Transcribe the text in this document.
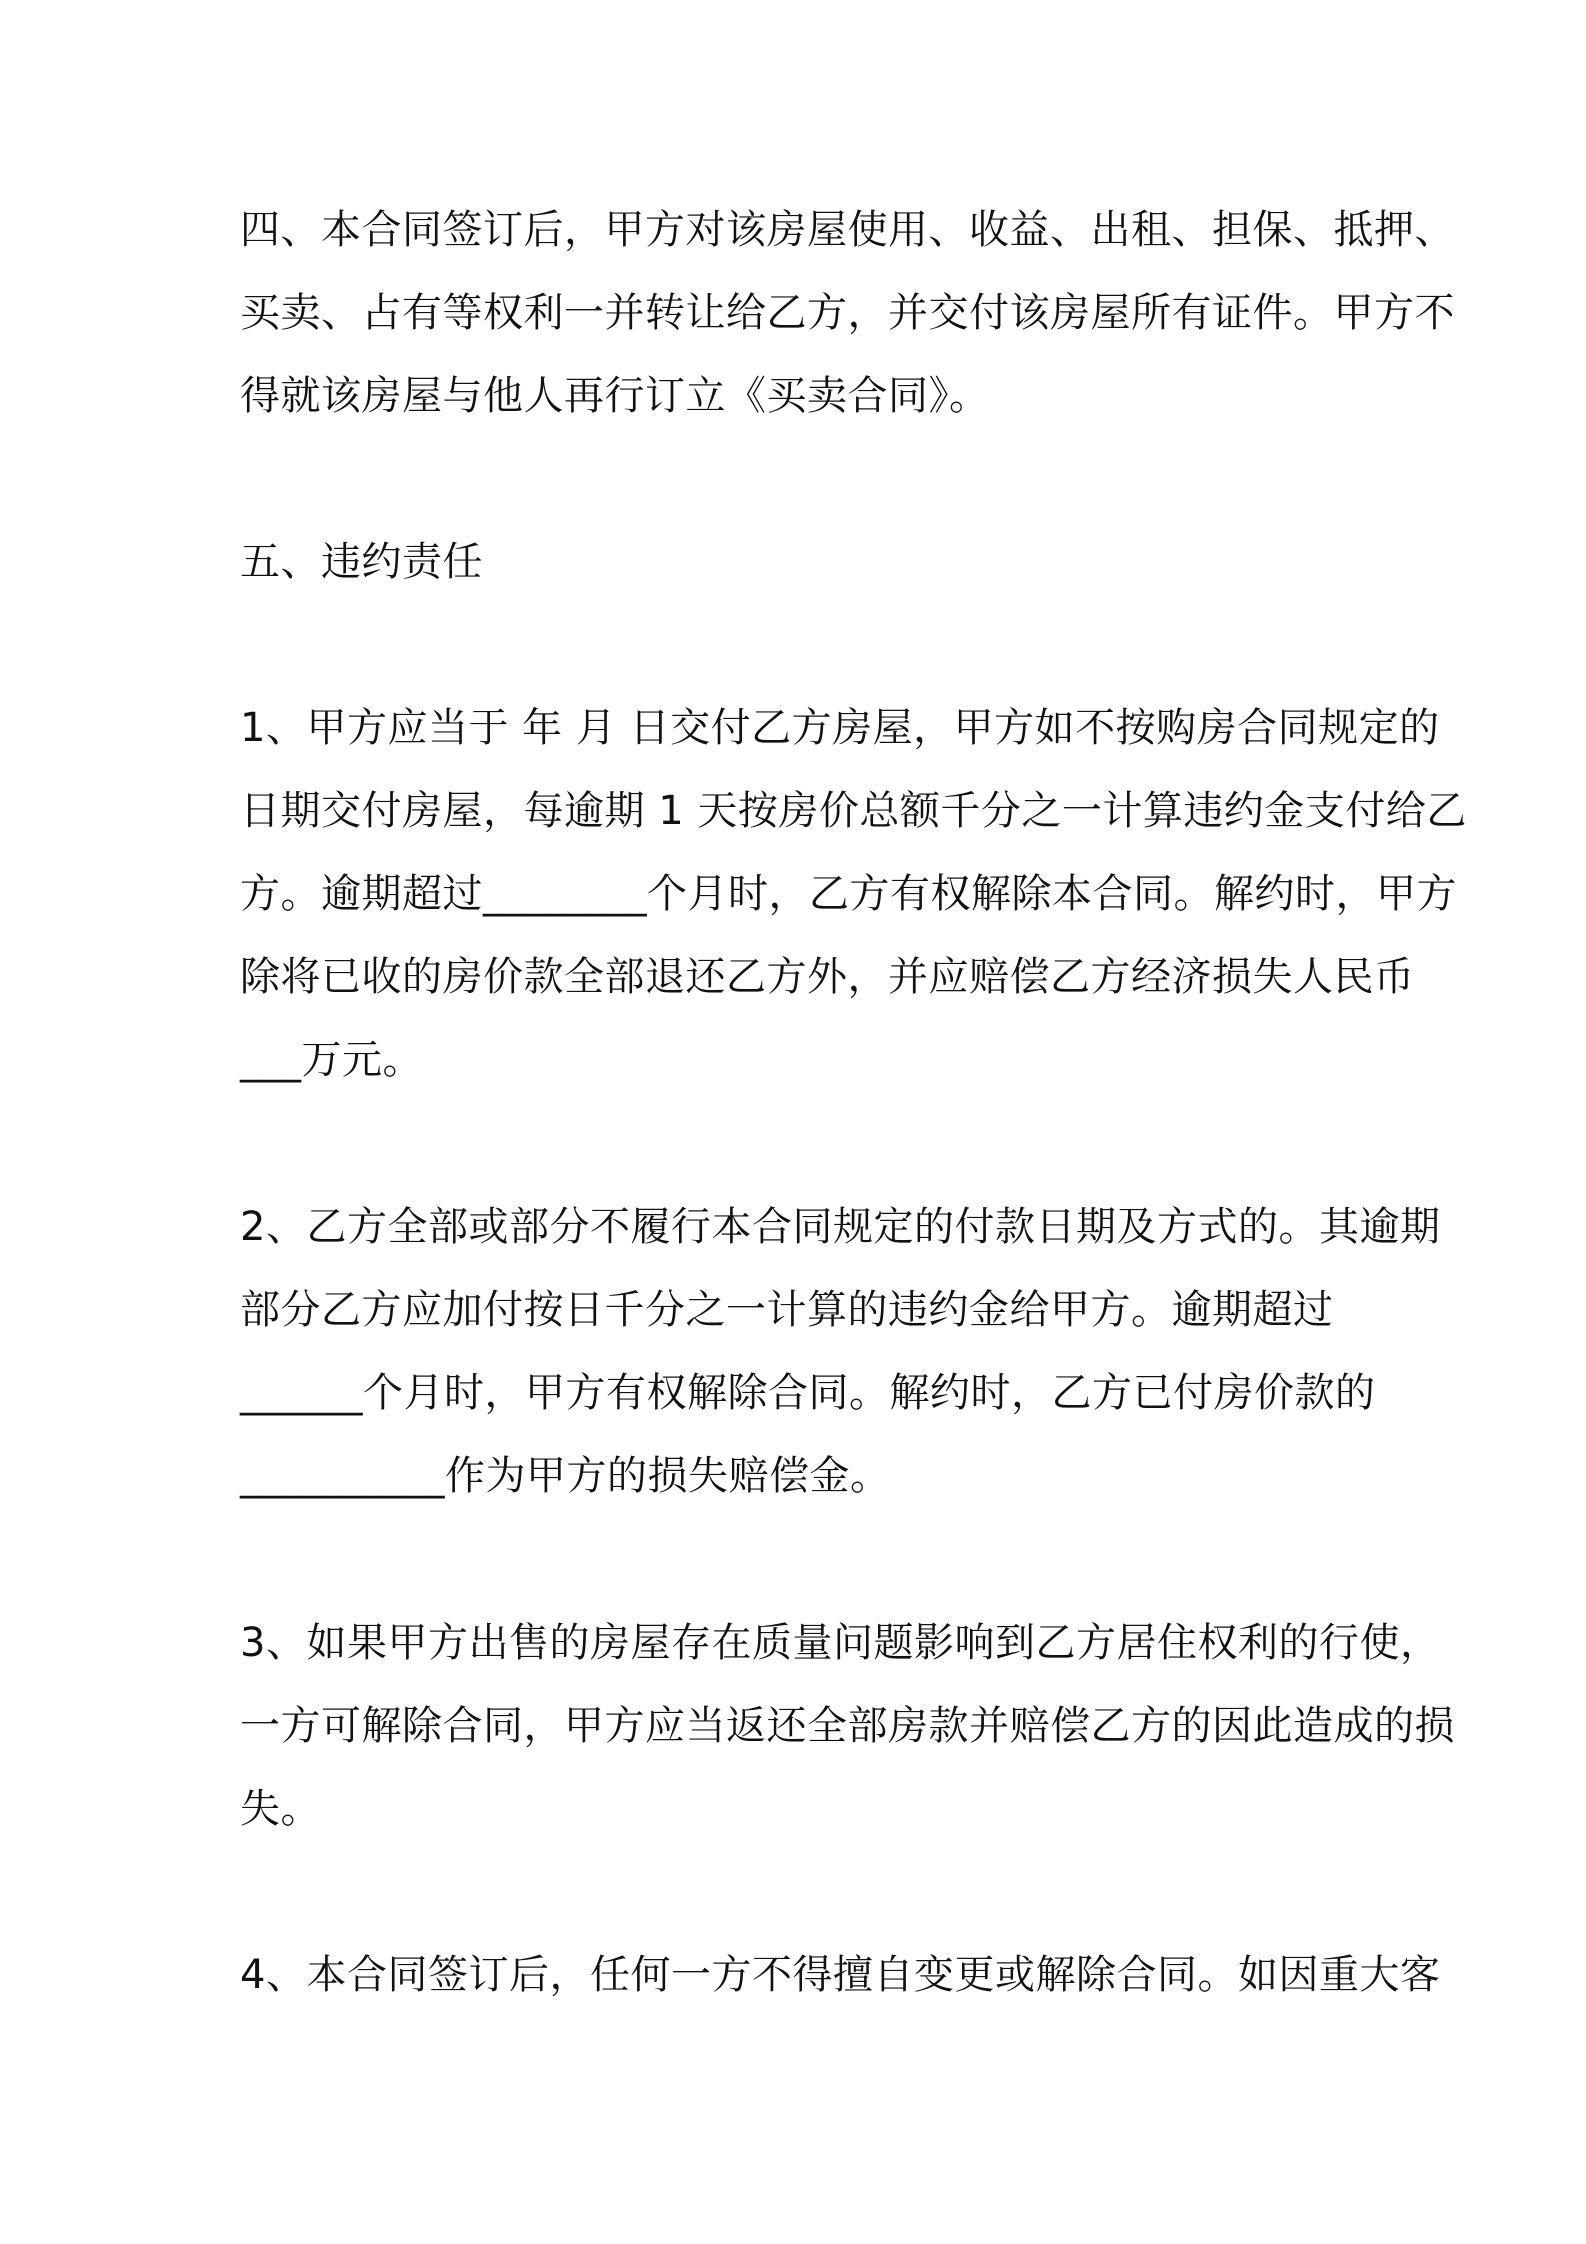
四、本合同签订后，甲方对该房屋使用、收益、出租、担保、抵押、
买卖、占有等权利一并转让给乙方，并交付该房屋所有证件。甲方不
得就该房屋与他人再行订立《买卖合同》。
五、违约责任
1、甲方应当于 年 月 日交付乙方房屋，甲方如不按购房合同规定的
日期交付房屋，每逾期 1 天按房价总额千分之一计算违约金支付给乙
方。逾期超过________个月时，乙方有权解除本合同。解约时，甲方
除将已收的房价款全部退还乙方外，并应赔偿乙方经济损失人民币
___万元。
2、乙方全部或部分不履行本合同规定的付款日期及方式的。其逾期
部分乙方应加付按日千分之一计算的违约金给甲方。逾期超过
______个月时，甲方有权解除合同。解约时，乙方已付房价款的
__________作为甲方的损失赔偿金。
3、如果甲方出售的房屋存在质量问题影响到乙方居住权利的行使，
一方可解除合同，甲方应当返还全部房款并赔偿乙方的因此造成的损
失。
4、本合同签订后，任何一方不得擅自变更或解除合同。如因重大客
